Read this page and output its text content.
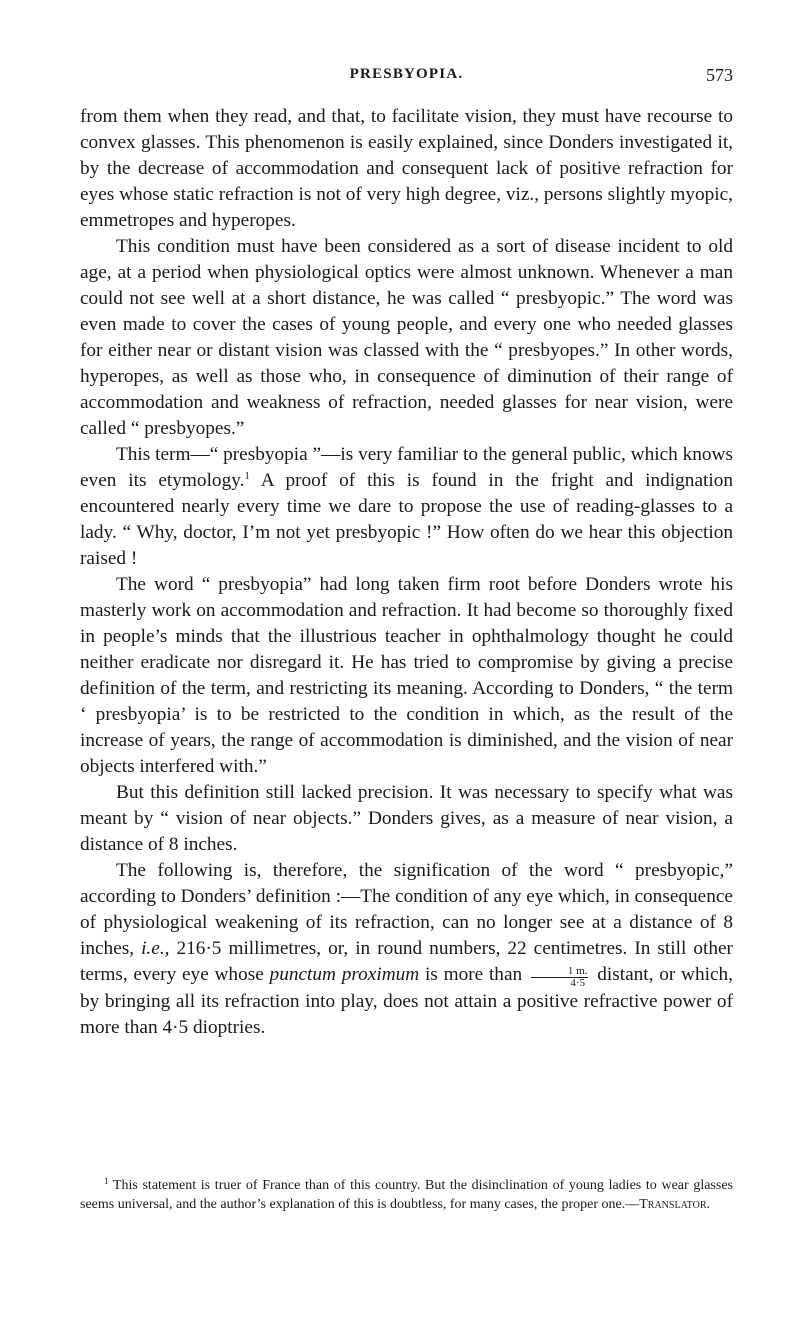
PRESBYOPIA.	573

from them when they read, and that, to facilitate vision, they must have recourse to convex glasses. This phenomenon is easily explained, since Donders investigated it, by the decrease of accommodation and consequent lack of positive refraction for eyes whose static refraction is not of very high degree, viz., persons slightly myopic, emmetropes and hyperopes.

This condition must have been considered as a sort of disease incident to old age, at a period when physiological optics were almost unknown. Whenever a man could not see well at a short distance, he was called “ presbyopic.” The word was even made to cover the cases of young people, and every one who needed glasses for either near or distant vision was classed with the “ presbyopes.” In other words, hyperopes, as well as those who, in consequence of diminution of their range of accommodation and weakness of refraction, needed glasses for near vision, were called “ presbyopes.”

This term—“ presbyopia ”—is very familiar to the general public, which knows even its etymology.$^1$ A proof of this is found in the fright and indignation encountered nearly every time we dare to propose the use of reading-glasses to a lady. “ Why, doctor, I’m not yet presbyopic !” How often do we hear this objection raised !

The word “ presbyopia” had long taken firm root before Donders wrote his masterly work on accommodation and refraction. It had become so thoroughly fixed in people’s minds that the illustrious teacher in ophthalmology thought he could neither eradicate nor disregard it. He has tried to compromise by giving a precise definition of the term, and restricting its meaning. According to Donders, “ the term ‘ presbyopia’ is to be restricted to the condition in which, as the result of the increase of years, the range of accommodation is diminished, and the vision of near objects interfered with.”

But this definition still lacked precision. It was necessary to specify what was meant by “ vision of near objects.” Donders gives, as a measure of near vision, a distance of 8 inches.

The following is, therefore, the signification of the word “ presbyopic,” according to Donders’ definition :—The condition of any eye which, in consequence of physiological weakening of its refraction, can no longer see at a distance of 8 inches, i.e., 216·5 millimetres, or, in round numbers, 22 centimetres. In still other terms, every eye whose punctum proximum is more than $\frac{1 m.}{4\cdot 5} distant$, or which, by bringing all its refraction into play, does not attain a positive refractive power of more than 4·5 dioptries.

$^1$ This statement is truer of France than of this country. But the disinclination of young ladies to wear glasses seems universal, and the author’s explanation of this is doubtless, for many cases, the proper one.—Translator.
